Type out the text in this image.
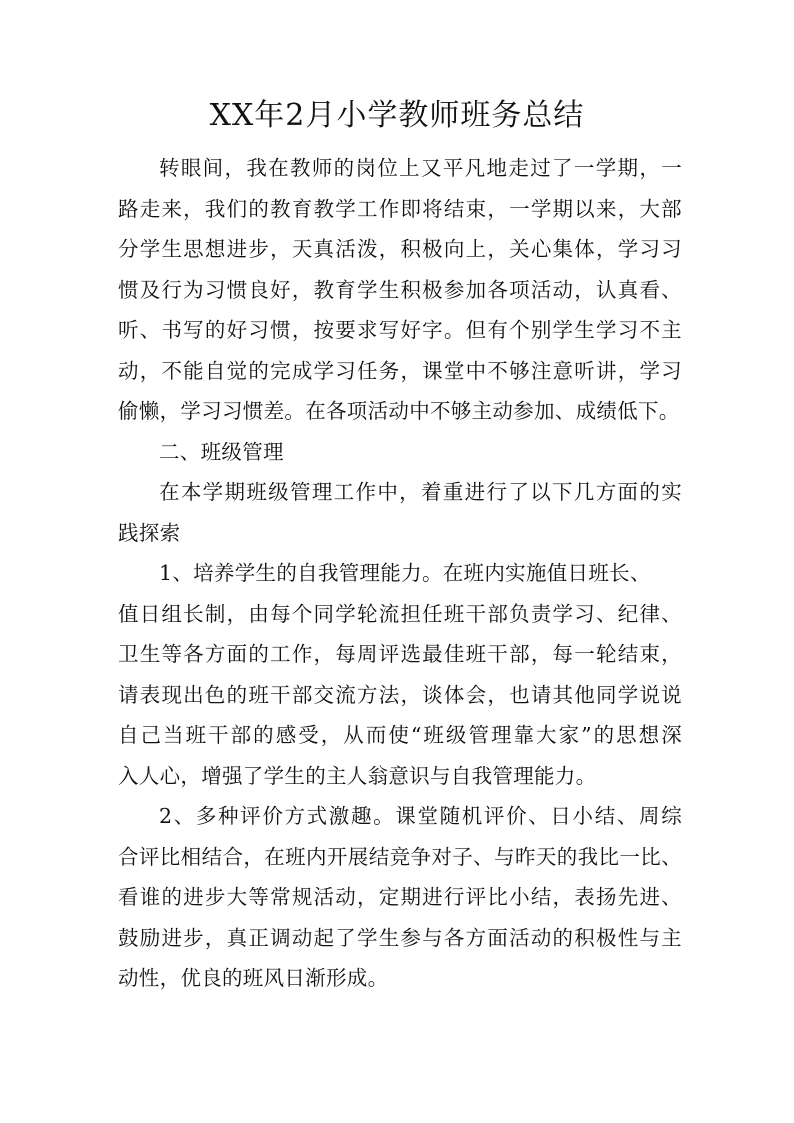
XX年2月小学教师班务总结

转眼间，我在教师的岗位上又平凡地走过了一学期，一
路走来，我们的教育教学工作即将结束，一学期以来，大部
分学生思想进步，天真活泼，积极向上，关心集体，学习习
惯及行为习惯良好，教育学生积极参加各项活动，认真看、
听、书写的好习惯，按要求写好字。但有个别学生学习不主
动，不能自觉的完成学习任务，课堂中不够注意听讲，学习
偷懒，学习习惯差。在各项活动中不够主动参加、成绩低下。

二、班级管理

在本学期班级管理工作中，着重进行了以下几方面的实
践探索

1、培养学生的自我管理能力。在班内实施值日班长、
值日组长制，由每个同学轮流担任班干部负责学习、纪律、
卫生等各方面的工作，每周评选最佳班干部，每一轮结束，
请表现出色的班干部交流方法，谈体会，也请其他同学说说
自己当班干部的感受，从而使“班级管理靠大家”的思想深
入人心，增强了学生的主人翁意识与自我管理能力。

2、多种评价方式激趣。课堂随机评价、日小结、周综
合评比相结合，在班内开展结竞争对子、与昨天的我比一比、
看谁的进步大等常规活动，定期进行评比小结，表扬先进、
鼓励进步，真正调动起了学生参与各方面活动的积极性与主
动性，优良的班风日渐形成。
